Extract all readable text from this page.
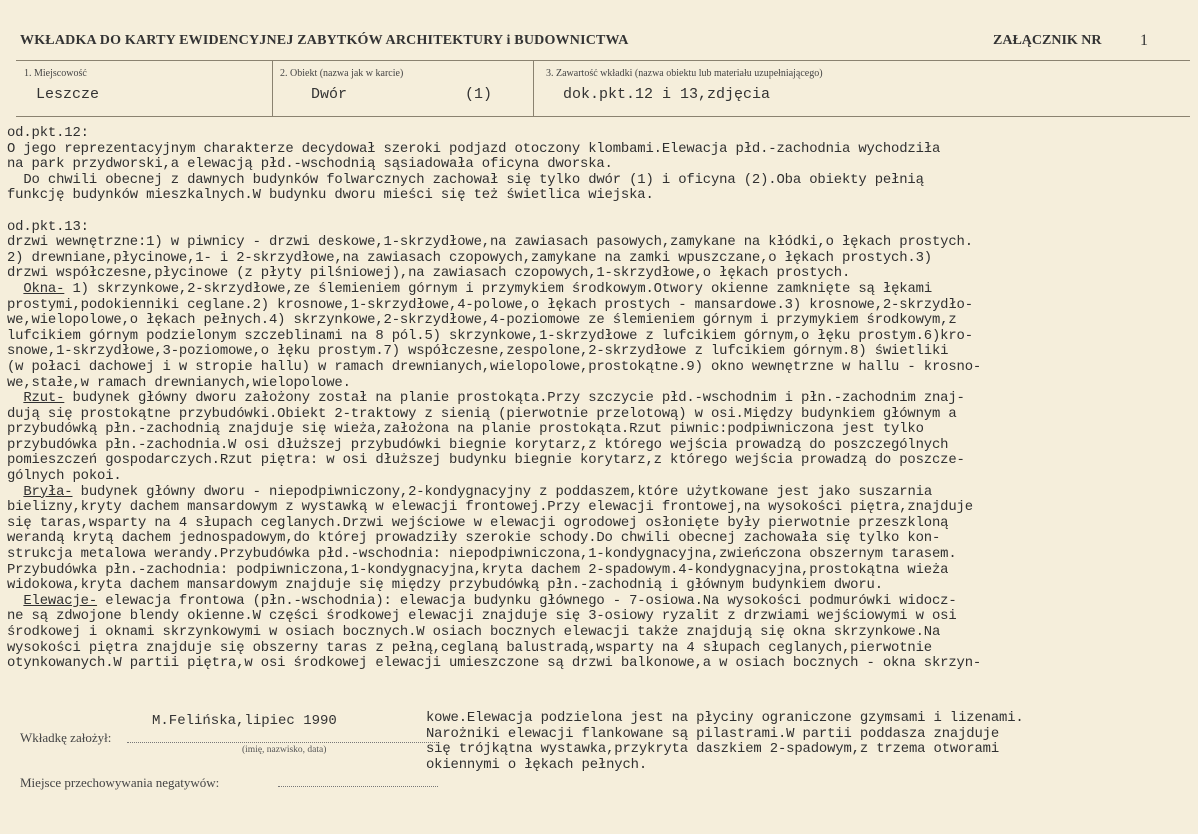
WKŁADKA DO KARTY EWIDENCYJNEJ ZABYTKÓW ARCHITEKTURY i BUDOWNICTWA	ZAŁĄCZNIK NR 1
1. Miejscowość
Leszcze
2. Obiekt (nazwa jak w karcie)
Dwór	(1)
3. Zawartość wkładki (nazwa obiektu lub materiału uzupełniającego)
dok.pkt.12 i 13,zdjęcia
od.pkt.12:
O jego reprezentacyjnym charakterze decydował szeroki podjazd otoczony klombami.Elewacja płd.-zachodnia wychodziła
na park przydworski,a elewacją płd.-wschodnią sąsiadowała oficyna dworska.
Do chwili obecnej z dawnych budynków folwarcznych zachował się tylko dwór (1) i oficyna (2).Oba obiekty pełnią
funkcję budynków mieszkalnych.W budynku dworu mieści się też świetlica wiejska.

od.pkt.13:
drzwi wewnętrzne:1) w piwnicy - drzwi deskowe,1-skrzydłowe,na zawiasach pasowych,zamykane na kłódki,o łękach prostych.
2) drewniane,płycinowe,1- i 2-skrzydłowe,na zawiasach czopowych,zamykane na zamki wpuszczane,o łękach prostych.3)
drzwi współczesne,płycinowe (z płyty pilśniowej),na zawiasach czopowych,1-skrzydłowe,o łękach prostych.
Okna- 1) skrzynkowe,2-skrzydłowe,ze ślemieniem górnym i przymykiem środkowym.Otwory okienne zamknięte są łękami
prostymi,podokienniki ceglane.2) krosnowe,1-skrzydłowe,4-polowe,o łękach prostych - mansardowe.3) krosnowe,2-skrzydło-
we,wielopolowe,o łękach pełnych.4) skrzynkowe,2-skrzydłowe,4-poziomowe ze ślemieniem górnym i przymykiem środkowym,z
lufcikiem górnym podzielonym szczeblinami na 8 pól.5) skrzynkowe,1-skrzydłowe z lufcikiem górnym,o łęku prostym.6)kro-
snowe,1-skrzydłowe,3-poziomowe,o łęku prostym.7) współczesne,zespolone,2-skrzydłowe z lufcikiem górnym.8) świetliki
(w połaci dachowej i w stropie hallu) w ramach drewnianych,wielopolowe,prostokątne.9) okno wewnętrzne w hallu - krosno-
we,stałe,w ramach drewnianych,wielopolowe.
Rzut- budynek główny dworu założony został na planie prostokąta.Przy szczycie płd.-wschodnim i płn.-zachodnim znaj-
dują się prostokątne przybudówki.Obiekt 2-traktowy z sienią (pierwotnie przelotową) w osi.Między budynkiem głównym a
przybudówką płn.-zachodnią znajduje się wieża,założona na planie prostokąta.Rzut piwnic:podpiwniczona jest tylko
przybudówka płn.-zachodnia.W osi dłuższej przybudówki biegnie korytarz,z którego wejścia prowadzą do poszczególnych
pomieszczeń gospodarczych.Rzut piętra: w osi dłuższej budynku biegnie korytarz,z którego wejścia prowadzą do poszcze-
gólnych pokoi.
Bryła- budynek główny dworu - niepodpiwniczony,2-kondygnacyjny z poddaszem,które użytkowane jest jako suszarnia
bielizny,kryty dachem mansardowym z wystawką w elewacji frontowej.Przy elewacji frontowej,na wysokości piętra,znajduje
się taras,wsparty na 4 słupach ceglanych.Drzwi wejściowe w elewacji ogrodowej osłonięte były pierwotnie przeszkloną
werandą krytą dachem jednospadowym,do której prowadziły szerokie schody.Do chwili obecnej zachowała się tylko kon-
strukcja metalowa werandy.Przybudówka płd.-wschodnia: niepodpiwniczona,1-kondygnacyjna,zwieńczona obszernym tarasem.
Przybudówka płn.-zachodnia: podpiwniczona,1-kondygnacyjna,kryta dachem 2-spadowym.4-kondygnacyjna,prostokątna wieża
widokowa,kryta dachem mansardowym znajduje się między przybudówką płn.-zachodnią i głównym budynkiem dworu.
Elewacje- elewacja frontowa (płn.-wschodnia): elewacja budynku głównego - 7-osiowa.Na wysokości podmurówki widocz-
ne są zdwojone blendy okienne.W części środkowej elewacji znajduje się 3-osiowy ryzalit z drzwiami wejściowymi w osi
środkowej i oknami skrzynkowymi w osiach bocznych.W osiach bocznych elewacji także znajdują się okna skrzynkowe.Na
wysokości piętra znajduje się obszerny taras z pełną,ceglaną balustradą,wsparty na 4 słupach ceglanych,pierwotnie
otynkowanych.W partii piętra,w osi środkowej elewacji umieszczone są drzwi balkonowe,a w osiach bocznych - okna skrzyn-
M.Felińska,lipiec 1990
Wkładkę założył:
(imię, nazwisko, data)
Miejsce przechowywania negatywów:
kowe.Elewacja podzielona jest na płyciny ograniczone gzymsami i lizenami.
Narożniki elewacji flankowane są pilastrami.W partii poddasza znajduje
się trójkątna wystawka,przykryta daszkiem 2-spadowym,z trzema otworami
okiennymi o łękach pełnych.
